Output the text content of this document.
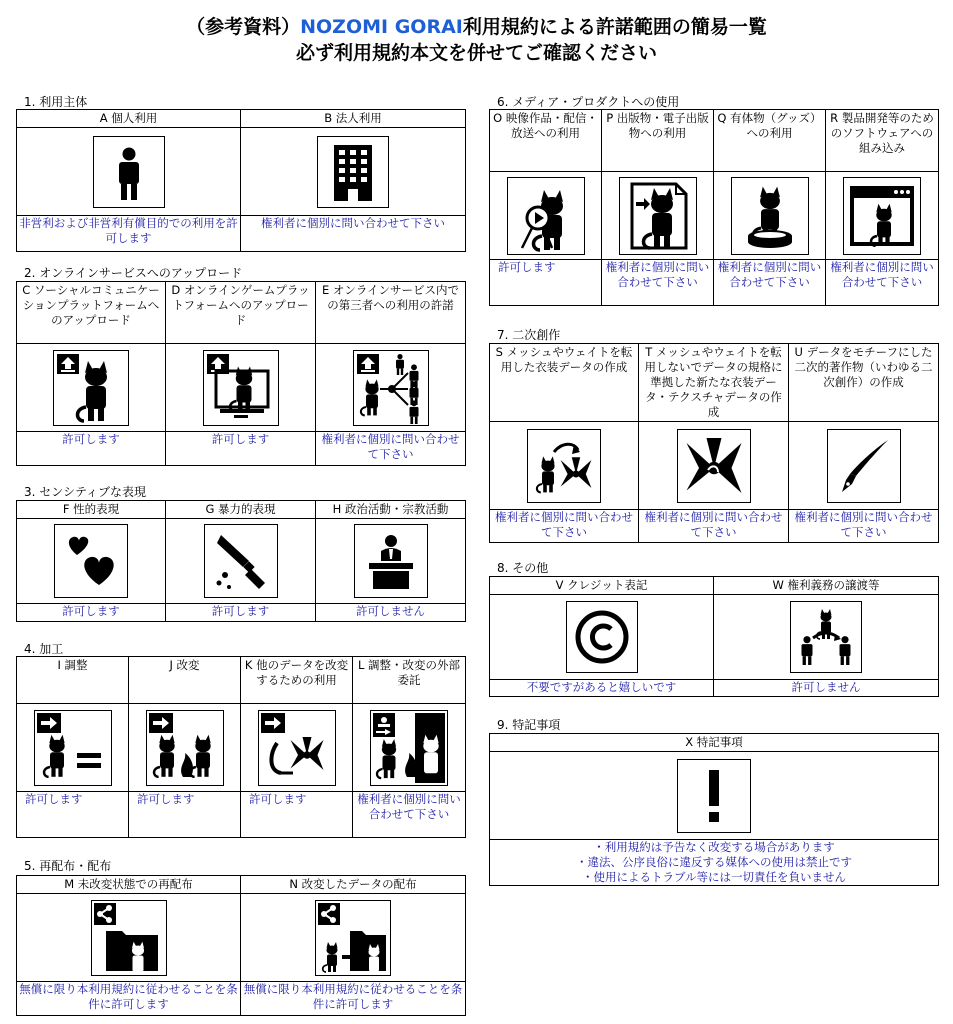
（参考資料）NOZOMI GORAI利用規約による許諾範囲の簡易一覧
必ず利用規約本文を併せてご確認ください
1. 利用主体
A 個人利用	B 法人利用

非営利および非営利有償目的での利用を許可します	権利者に個別に問い合わせて下さい
2. オンラインサービスへのアップロード
C ソーシャルコミュニケーションプラットフォームへのアップロード	D オンラインゲームプラットフォームへのアップロード	E オンラインサービス内での第三者への利用の許諾

許可します	許可します	権利者に個別に問い合わせて下さい
3. センシティブな表現
F 性的表現	G 暴力的表現	H 政治活動・宗教活動

許可します	許可します	許可しません
4. 加工
I 調整	J 改変	K 他のデータを改変するための利用	L 調整・改変の外部委託

許可します	許可します	許可します	権利者に個別に問い合わせて下さい
5. 再配布・配布
M 未改変状態での再配布	N 改変したデータの配布

無償に限り本利用規約に従わせることを条件に許可します	無償に限り本利用規約に従わせることを条件に許可します
6. メディア・プロダクトへの使用
O 映像作品・配信・放送への利用	P 出版物・電子出版物への利用	Q 有体物（グッズ）への利用	R 製品開発等のためのソフトウェアへの組み込み

許可します	権利者に個別に問い合わせて下さい	権利者に個別に問い合わせて下さい	権利者に個別に問い合わせて下さい
7. 二次創作
S メッシュやウェイトを転用した衣装データの作成	T メッシュやウェイトを転用しないでデータの規格に準拠した新たな衣装データ・テクスチャデータの作成	U データをモチーフにした二次的著作物（いわゆる二次創作）の作成

権利者に個別に問い合わせて下さい	権利者に個別に問い合わせて下さい	権利者に個別に問い合わせて下さい
8. その他
V クレジット表記	W 権利義務の譲渡等

不要ですがあると嬉しいです	許可しません
9. 特記事項
X 特記事項

・利用規約は予告なく改変する場合があります
・違法、公序良俗に違反する媒体への使用は禁止です
・使用によるトラブル等には一切責任を負いません
